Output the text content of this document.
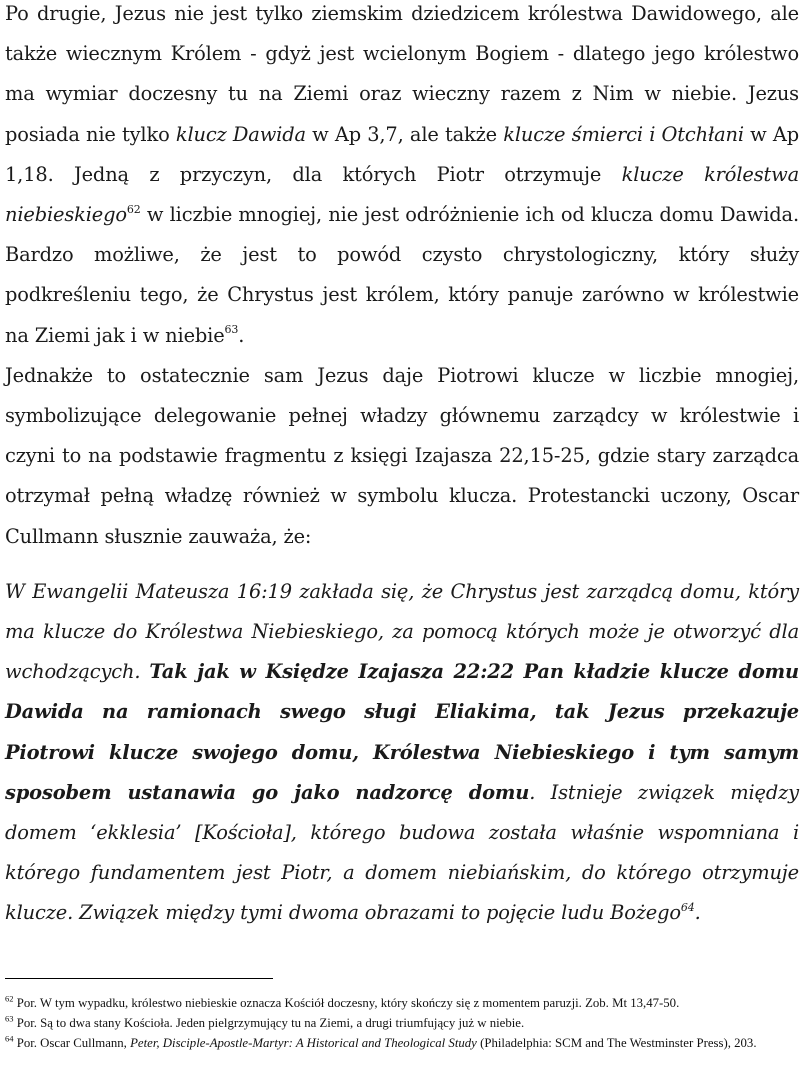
Po drugie, Jezus nie jest tylko ziemskim dziedzicem królestwa Dawidowego, ale także wiecznym Królem - gdyż jest wcielonym Bogiem - dlatego jego królestwo ma wymiar doczesny tu na Ziemi oraz wieczny razem z Nim w niebie. Jezus posiada nie tylko klucz Dawida w Ap 3,7, ale także klucze śmierci i Otchłani w Ap 1,18. Jedną z przyczyn, dla których Piotr otrzymuje klucze królestwa niebieskiego$^{62}$ w liczbie mnogiej, nie jest odróżnienie ich od klucza domu Dawida. Bardzo możliwe, że jest to powód czysto chrystologiczny, który służy podkreśleniu tego, że Chrystus jest królem, który panuje zarówno w królestwie na Ziemi jak i w niebie$^{63}$.

Jednakże to ostatecznie sam Jezus daje Piotrowi klucze w liczbie mnogiej, symbolizujące delegowanie pełnej władzy głównemu zarządcy w królestwie i czyni to na podstawie fragmentu z księgi Izajasza 22,15-25, gdzie stary zarządca otrzymał pełną władzę również w symbolu klucza. Protestancki uczony, Oscar Cullmann słusznie zauważa, że:

W Ewangelii Mateusza 16:19 zakłada się, że Chrystus jest zarządcą domu, który ma klucze do Królestwa Niebieskiego, za pomocą których może je otworzyć dla wchodzących. Tak jak w Księdze Izajasza 22:22 Pan kładzie klucze domu Dawida na ramionach swego sługi Eliakima, tak Jezus przekazuje Piotrowi klucze swojego domu, Królestwa Niebieskiego i tym samym sposobem ustanawia go jako nadzorcę domu. Istnieje związek między domem ‘ekklesia’ [Kościoła], którego budowa została właśnie wspomniana i którego fundamentem jest Piotr, a domem niebiańskim, do którego otrzymuje klucze. Związek między tymi dwoma obrazami to pojęcie ludu Bożego$^{64}$.

$^{62}$ Por. W tym wypadku, królestwo niebieskie oznacza Kościół doczesny, który skończy się z momentem paruzji. Zob. Mt 13,47-50.

$^{63}$ Por. Są to dwa stany Kościoła. Jeden pielgrzymujący tu na Ziemi, a drugi triumfujący już w niebie.

$^{64}$ Por. Oscar Cullmann, Peter, Disciple-Apostle-Martyr: A Historical and Theological Study (Philadelphia: SCM and The Westminster Press), 203.
